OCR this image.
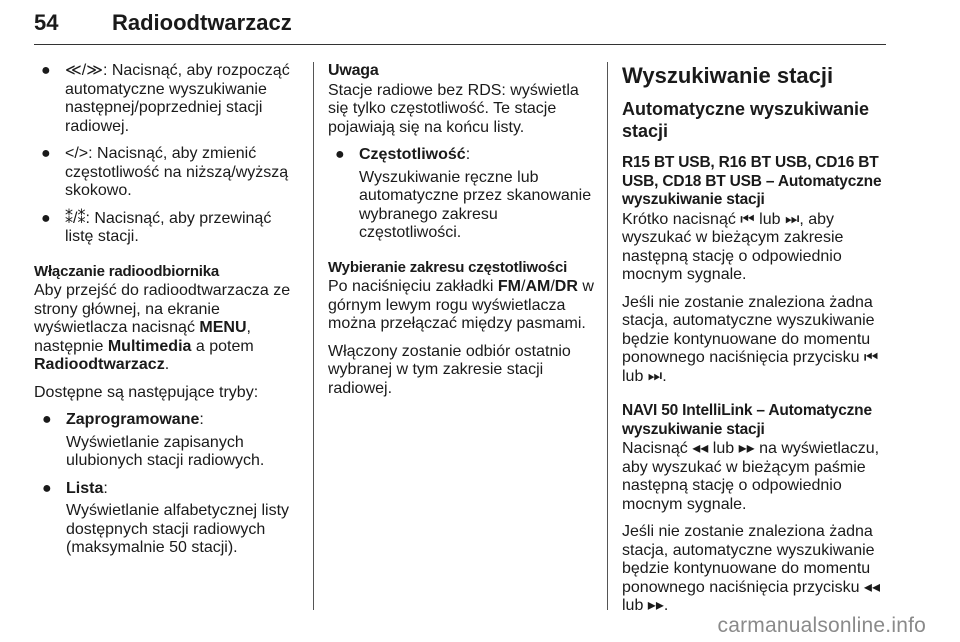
54 Radioodtwarzacz
● ≪/≫: Nacisnąć, aby rozpocząć automatyczne wyszukiwanie następnej/poprzedniej stacji radiowej.
● </>: Nacisnąć, aby zmienić częstotliwość na niższą/wyższą skokowo.
● ⁑/⁑: Nacisnąć, aby przewinąć listę stacji.
Włączanie radioodbiornika

Aby przejść do radioodtwarzacza ze strony głównej, na ekranie wyświetlacza nacisnąć MENU, następnie Multimedia a potem Radioodtwarzacz.

Dostępne są następujące tryby:

● Zaprogramowane:
Wyświetlanie zapisanych ulubionych stacji radiowych.
● Lista:
Wyświetlanie alfabetycznej listy dostępnych stacji radiowych (maksymalnie 50 stacji).
Uwaga

Stacje radiowe bez RDS: wyświetla się tylko częstotliwość. Te stacje pojawiają się na końcu listy.

● Częstotliwość:
Wyszukiwanie ręczne lub automatyczne przez skanowanie wybranego zakresu częstotliwości.
Wybieranie zakresu częstotliwości

Po naciśnięciu zakładki FM/AM/DR w górnym lewym rogu wyświetlacza można przełączać między pasmami.

Włączony zostanie odbiór ostatnio wybranej w tym zakresie stacji radiowej.

Wyszukiwanie stacji
Automatyczne wyszukiwanie stacji
R15 BT USB, R16 BT USB, CD16 BT USB, CD18 BT USB – Automatyczne wyszukiwanie stacji

Krótko nacisnąć ⏮ lub ⏭, aby wyszukać w bieżącym zakresie następną stację o odpowiednio mocnym sygnale.

Jeśli nie zostanie znaleziona żadna stacja, automatyczne wyszukiwanie będzie kontynuowane do momentu ponownego naciśnięcia przycisku ⏮ lub ⏭.

NAVI 50 IntelliLink – Automatyczne wyszukiwanie stacji

Nacisnąć ◂◂ lub ▸▸ na wyświetlaczu, aby wyszukać w bieżącym paśmie następną stację o odpowiednio mocnym sygnale.

Jeśli nie zostanie znaleziona żadna stacja, automatyczne wyszukiwanie będzie kontynuowane do momentu ponownego naciśnięcia przycisku ◂◂ lub ▸▸.

carmanualsonline.info
